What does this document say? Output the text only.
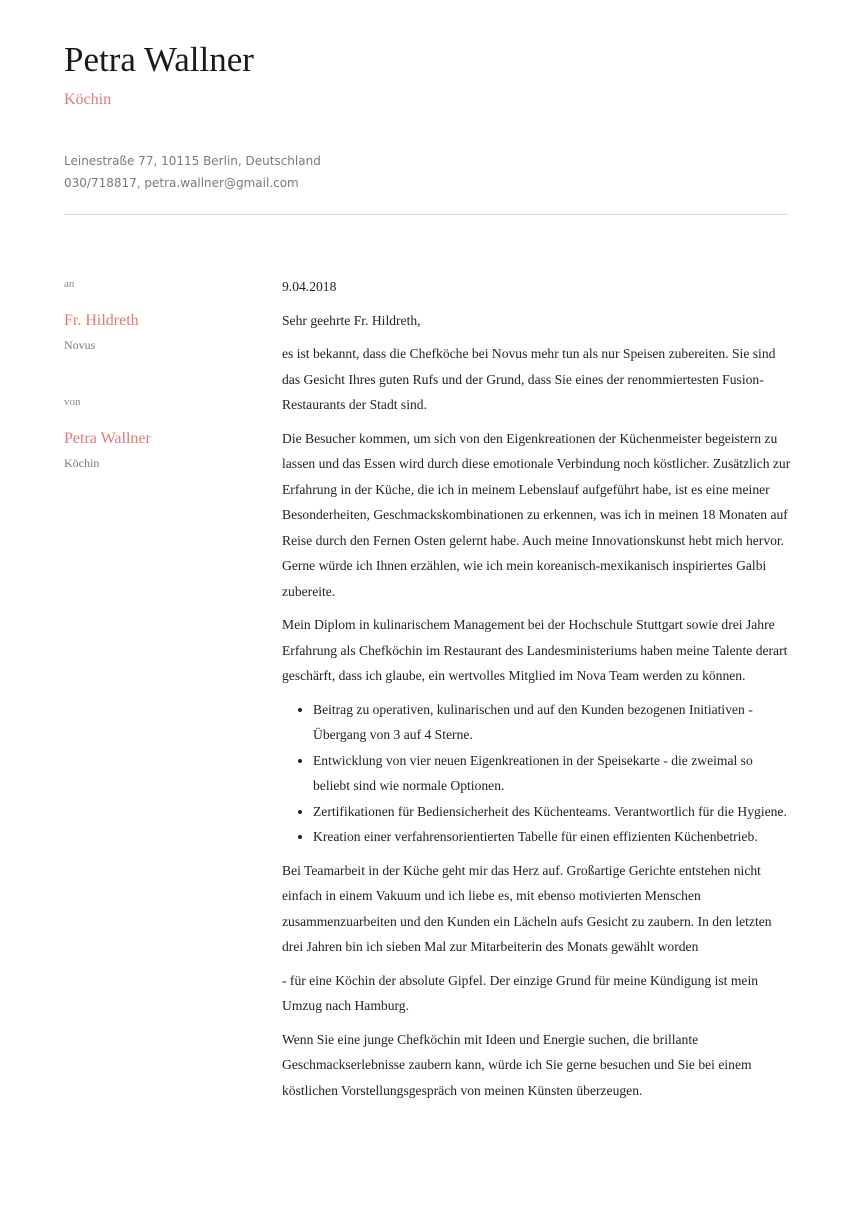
Petra Wallner
Köchin
Leinestraße 77, 10115 Berlin, Deutschland
030/718817, petra.wallner@gmail.com
an
Fr. Hildreth
Novus
von
Petra Wallner
Köchin

9.04.2018

Sehr geehrte Fr. Hildreth,

es ist bekannt, dass die Chefköche bei Novus mehr tun als nur Speisen zubereiten. Sie sind das Gesicht Ihres guten Rufs und der Grund, dass Sie eines der renommiertesten Fusion-Restaurants der Stadt sind.

Die Besucher kommen, um sich von den Eigenkreationen der Küchenmeister begeistern zu lassen und das Essen wird durch diese emotionale Verbindung noch köstlicher. Zusätzlich zur Erfahrung in der Küche, die ich in meinem Lebenslauf aufgeführt habe, ist es eine meiner Besonderheiten, Geschmackskombinationen zu erkennen, was ich in meinen 18 Monaten auf Reise durch den Fernen Osten gelernt habe. Auch meine Innovationskunst hebt mich hervor. Gerne würde ich Ihnen erzählen, wie ich mein koreanisch-mexikanisch inspiriertes Galbi zubereite.

Mein Diplom in kulinarischem Management bei der Hochschule Stuttgart sowie drei Jahre Erfahrung als Chefköchin im Restaurant des Landesministeriums haben meine Talente derart geschärft, dass ich glaube, ein wertvolles Mitglied im Nova Team werden zu können.

• Beitrag zu operativen, kulinarischen und auf den Kunden bezogenen Initiativen - Übergang von 3 auf 4 Sterne.
• Entwicklung von vier neuen Eigenkreationen in der Speisekarte - die zweimal so beliebt sind wie normale Optionen.
• Zertifikationen für Bediensicherheit des Küchenteams. Verantwortlich für die Hygiene.
• Kreation einer verfahrensorientierten Tabelle für einen effizienten Küchenbetrieb.

Bei Teamarbeit in der Küche geht mir das Herz auf. Großartige Gerichte entstehen nicht einfach in einem Vakuum und ich liebe es, mit ebenso motivierten Menschen zusammenzuarbeiten und den Kunden ein Lächeln aufs Gesicht zu zaubern. In den letzten drei Jahren bin ich sieben Mal zur Mitarbeiterin des Monats gewählt worden

- für eine Köchin der absolute Gipfel. Der einzige Grund für meine Kündigung ist mein Umzug nach Hamburg.

Wenn Sie eine junge Chefköchin mit Ideen und Energie suchen, die brillante Geschmackserlebnisse zaubern kann, würde ich Sie gerne besuchen und Sie bei einem köstlichen Vorstellungsgespräch von meinen Künsten überzeugen.
